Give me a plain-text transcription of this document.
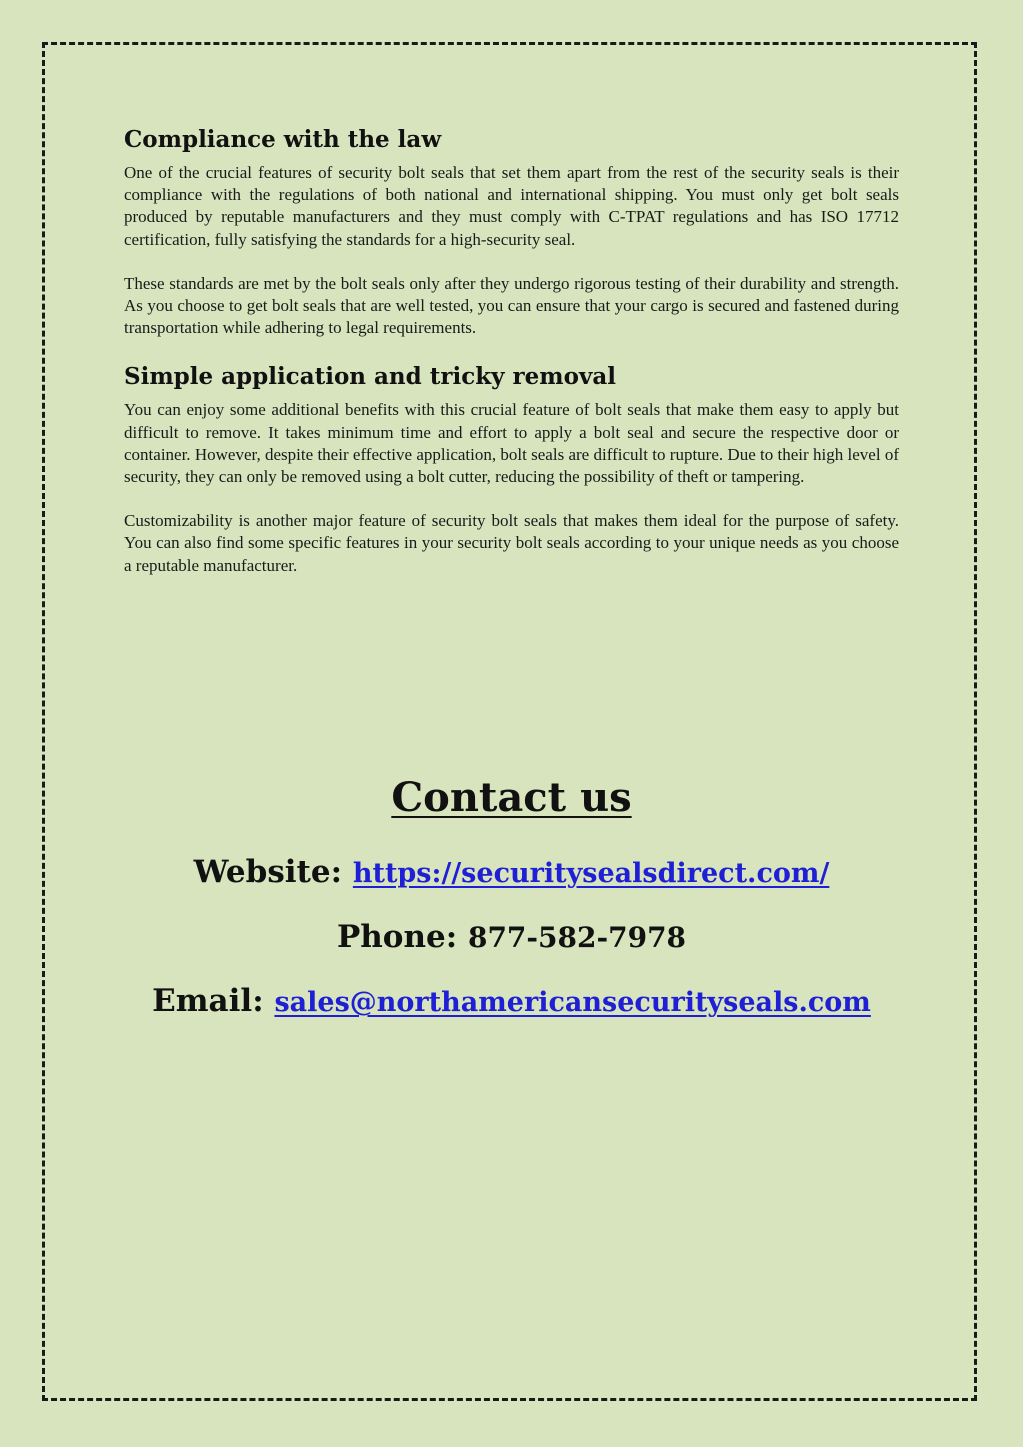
Compliance with the law

One of the crucial features of security bolt seals that set them apart from the rest of the security seals is their compliance with the regulations of both national and international shipping. You must only get bolt seals produced by reputable manufacturers and they must comply with C-TPAT regulations and has ISO 17712 certification, fully satisfying the standards for a high-security seal.

These standards are met by the bolt seals only after they undergo rigorous testing of their durability and strength. As you choose to get bolt seals that are well tested, you can ensure that your cargo is secured and fastened during transportation while adhering to legal requirements.

Simple application and tricky removal

You can enjoy some additional benefits with this crucial feature of bolt seals that make them easy to apply but difficult to remove. It takes minimum time and effort to apply a bolt seal and secure the respective door or container. However, despite their effective application, bolt seals are difficult to rupture. Due to their high level of security, they can only be removed using a bolt cutter, reducing the possibility of theft or tampering.

Customizability is another major feature of security bolt seals that makes them ideal for the purpose of safety. You can also find some specific features in your security bolt seals according to your unique needs as you choose a reputable manufacturer.

Contact us
Website: https://securitysealsdirect.com/
Phone: 877-582-7978
Email: sales@northamericansecurityseals.com
